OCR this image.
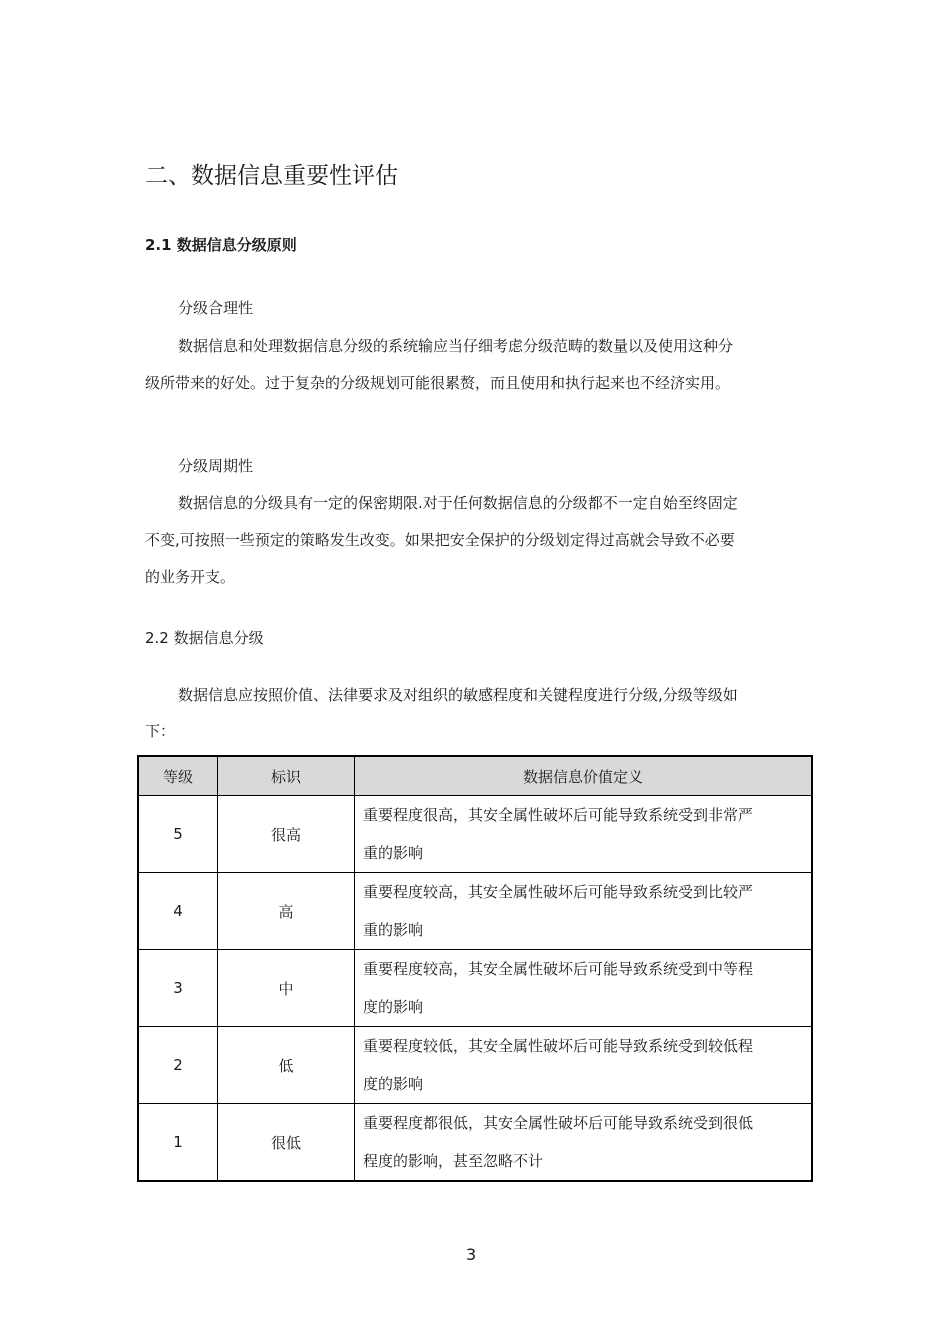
二、数据信息重要性评估
2.1 数据信息分级原则
分级合理性
数据信息和处理数据信息分级的系统输应当仔细考虑分级范畴的数量以及使用这种分
级所带来的好处。过于复杂的分级规划可能很累赘，而且使用和执行起来也不经济实用。
分级周期性
数据信息的分级具有一定的保密期限.对于任何数据信息的分级都不一定自始至终固定
不变,可按照一些预定的策略发生改变。如果把安全保护的分级划定得过高就会导致不必要
的业务开支。
2.2 数据信息分级
数据信息应按照价值、法律要求及对组织的敏感程度和关键程度进行分级,分级等级如
下：
等级	标识	数据信息价值定义
5	很高	重要程度很高，其安全属性破坏后可能导致系统受到非常严
重的影响

4	高	重要程度较高，其安全属性破坏后可能导致系统受到比较严
重的影响

3	中	重要程度较高，其安全属性破坏后可能导致系统受到中等程
度的影响

2	低	重要程度较低，其安全属性破坏后可能导致系统受到较低程
度的影响

1	很低	重要程度都很低，其安全属性破坏后可能导致系统受到很低
程度的影响，甚至忽略不计
3
